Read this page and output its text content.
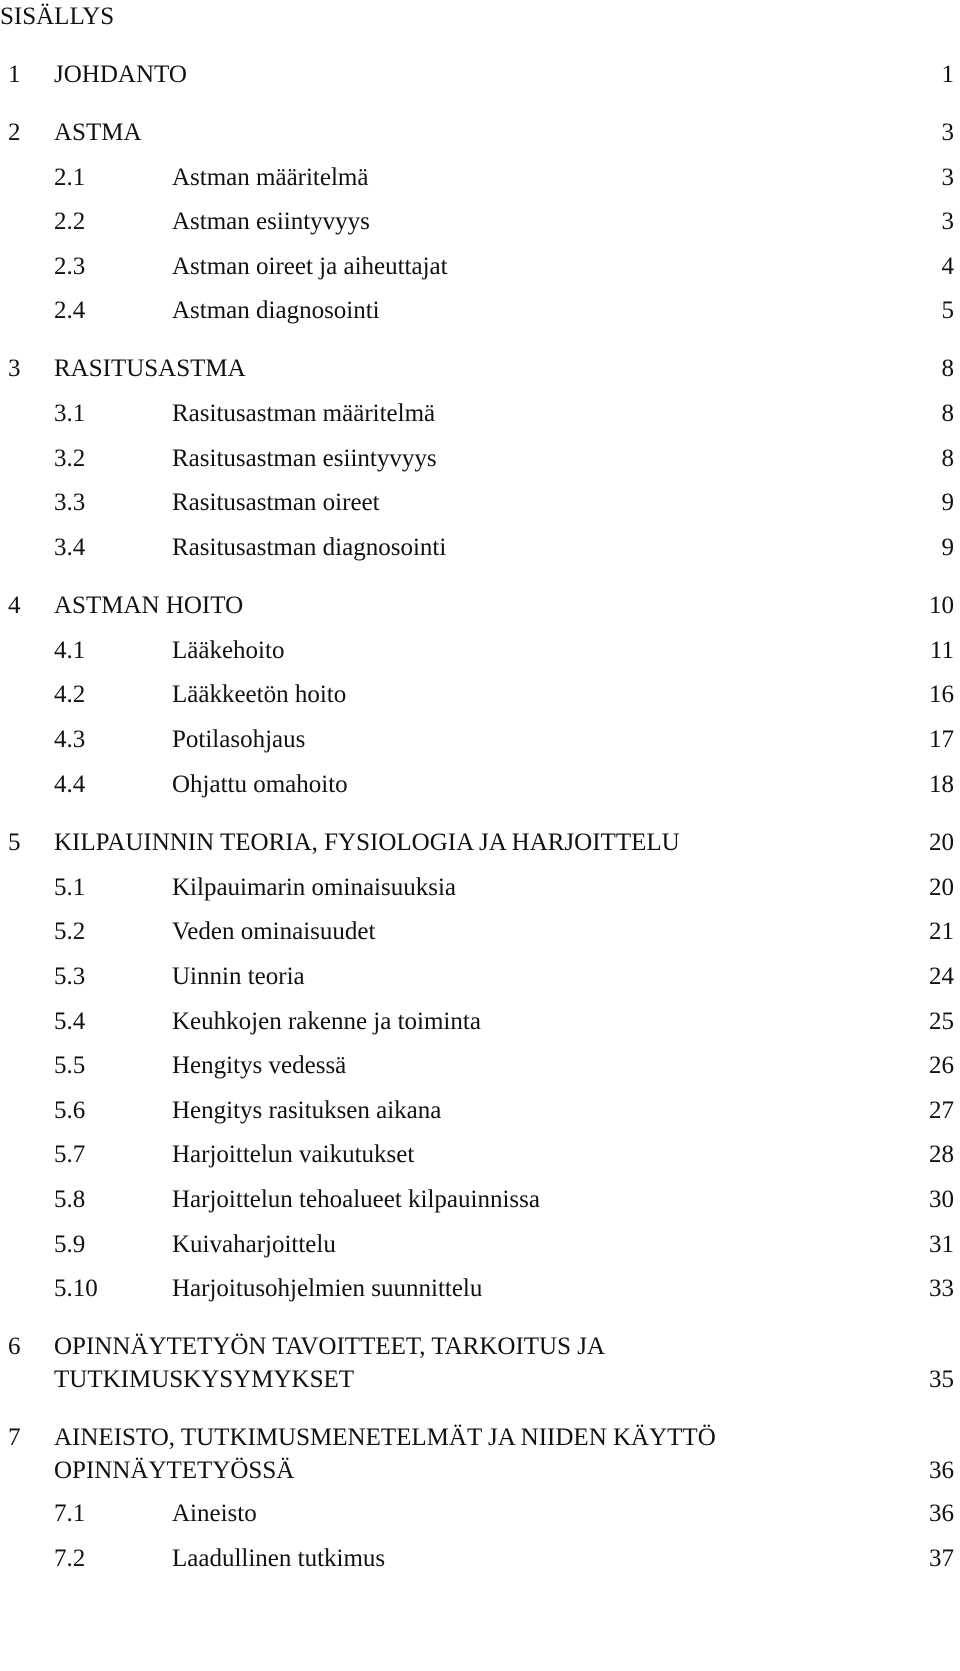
SISÄLLYS
1 JOHDANTO	1
2 ASTMA	3
2.1	Astman määritelmä	3
2.2	Astman esiintyvyys	3
2.3	Astman oireet ja aiheuttajat	4
2.4	Astman diagnosointi	5
3 RASITUSASTMA	8
3.1	Rasitusastman määritelmä	8
3.2	Rasitusastman esiintyvyys	8
3.3	Rasitusastman oireet	9
3.4	Rasitusastman diagnosointi	9
4 ASTMAN HOITO	10
4.1	Lääkehoito	11
4.2	Lääkkeetön hoito	16
4.3	Potilasohjaus	17
4.4	Ohjattu omahoito	18
5 KILPAUINNIN TEORIA, FYSIOLOGIA JA HARJOITTELU	20
5.1	Kilpauimarin ominaisuuksia	20
5.2	Veden ominaisuudet	21
5.3	Uinnin teoria	24
5.4	Keuhkojen rakenne ja toiminta	25
5.5	Hengitys vedessä	26
5.6	Hengitys rasituksen aikana	27
5.7	Harjoittelun vaikutukset	28
5.8	Harjoittelun tehoalueet kilpauinnissa	30
5.9	Kuivaharjoittelu	31
5.10	Harjoitusohjelmien suunnittelu	33
6 OPINNÄYTETYÖN TAVOITTEET, TARKOITUS JA
TUTKIMUSKYSYMYKSET	35
7 AINEISTO, TUTKIMUSMENETELMÄT JA NIIDEN KÄYTTÖ
OPINNÄYTETYÖSSÄ	36
7.1	Aineisto	36
7.2	Laadullinen tutkimus	37
